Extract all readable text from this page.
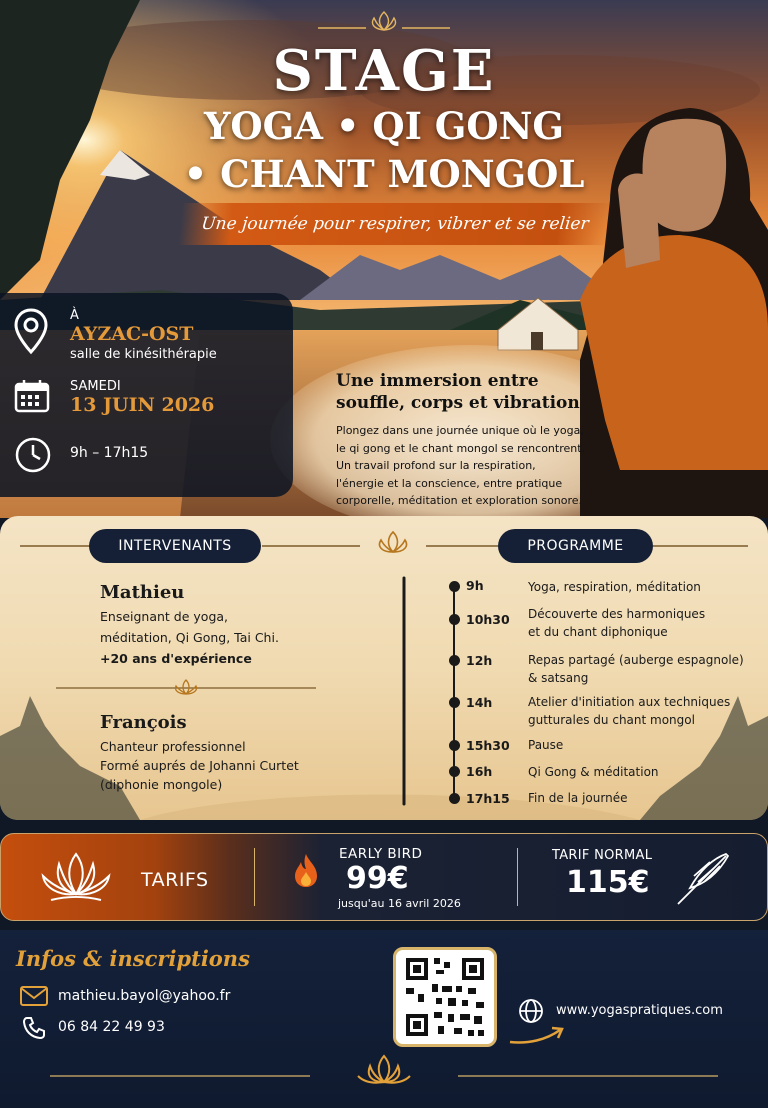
STAGE
YOGA • QI GONG
• CHANT MONGOL
Une journée pour respirer, vibrer et se relier
À
AYZAC-OST
salle de kinésithérapie
SAMEDI
13 JUIN 2026
9h – 17h15
Une immersion entre
souffle, corps et vibration
Plongez dans une journée unique où le yoga,
le qi gong et le chant mongol se rencontrent.
Un travail profond sur la respiration,
l'énergie et la conscience, entre pratique
corporelle, méditation et exploration sonore.
INTERVENANTS	PROGRAMME
Mathieu
Enseignant de yoga,
méditation, Qi Gong, Tai Chi.
+20 ans d'expérience
François
Chanteur professionnel
Formé auprés de Johanni Curtet
(diphonie mongole)
9h	Yoga, respiration, méditation
10h30 Découverte des harmoniques
et du chant diphonique
12h	Repas partagé (auberge espagnole)
& satsang
14h	Atelier d'initiation aux techniques
gutturales du chant mongol
15h30 Pause
16h	Qi Gong & méditation
17h15 Fin de la journée
TARIFS
EARLY BIRD
99€
jusqu'au 16 avril 2026
TARIF NORMAL
115€
Infos & inscriptions
mathieu.bayol@yahoo.fr
06 84 22 49 93
www.yogaspratiques.com
